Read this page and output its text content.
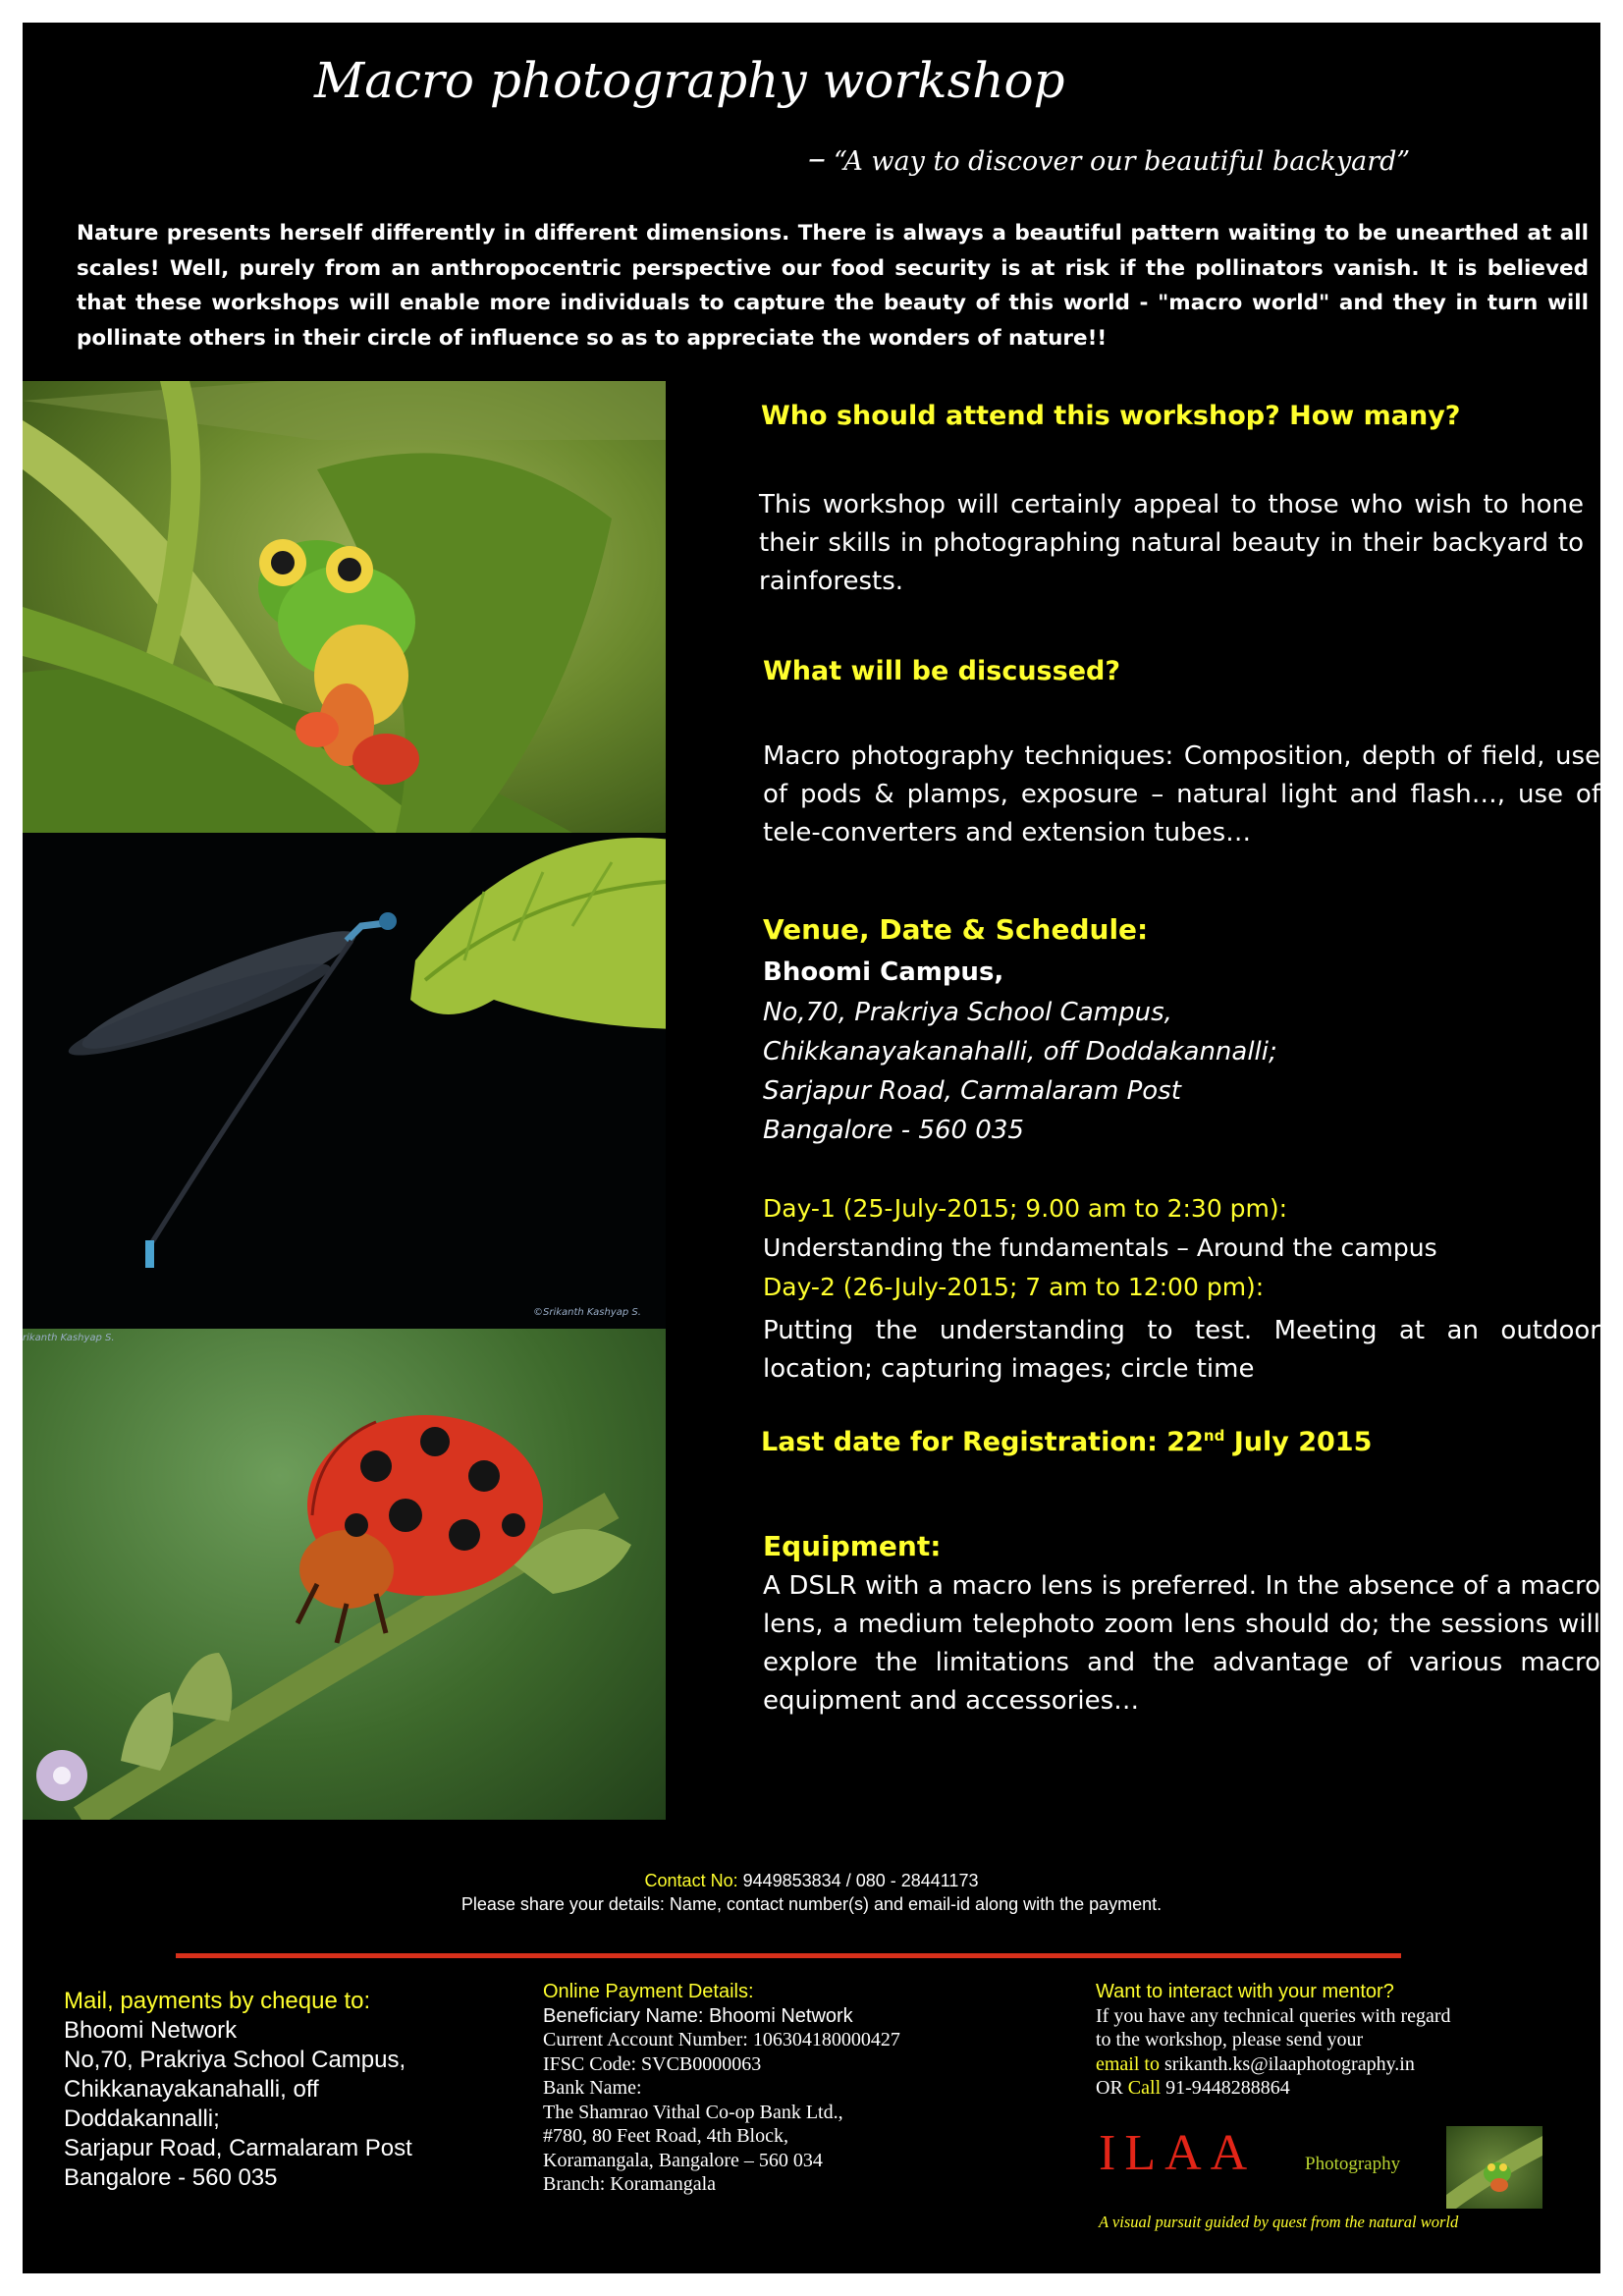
Macro photography workshop
– “A way to discover our beautiful backyard”
Nature presents herself differently in different dimensions. There is always a beautiful pattern waiting to be unearthed at all scales! Well, purely from an anthropocentric perspective our food security is at risk if the pollinators vanish. It is believed that these workshops will enable more individuals to capture the beauty of this world - "macro world" and they in turn will pollinate others in their circle of influence so as to appreciate the wonders of nature!!
©Srikanth Kashyap S.
rikanth Kashyap S.
Who should attend this workshop? How many?
This workshop will certainly appeal to those who wish to hone their skills in photographing natural beauty in their backyard to rainforests.
What will be discussed?
Macro photography techniques: Composition, depth of field, use of pods & plamps, exposure – natural light and flash…, use of tele-converters and extension tubes…
Venue, Date & Schedule:
Bhoomi Campus,
No,70, Prakriya School Campus,
Chikkanayakanahalli, off Doddakannalli;
Sarjapur Road, Carmalaram Post
Bangalore - 560 035
Day-1 (25-July-2015; 9.00 am to 2:30 pm):
Understanding the fundamentals – Around the campus
Day-2 (26-July-2015; 7 am to 12:00 pm):
Putting the understanding to test. Meeting at an outdoor location; capturing images; circle time
Last date for Registration: 22nd July 2015
Equipment:
A DSLR with a macro lens is preferred. In the absence of a macro lens, a medium telephoto zoom lens should do; the sessions will explore the limitations and the advantage of various macro equipment and accessories…
Contact No: 9449853834 / 080 - 28441173
Please share your details: Name, contact number(s) and email-id along with the payment.
Mail, payments by cheque to:
Bhoomi Network
No,70, Prakriya School Campus,
Chikkanayakanahalli, off
Doddakannalli;
Sarjapur Road, Carmalaram Post
Bangalore - 560 035
Online Payment Details:
Beneficiary Name: Bhoomi Network
Current Account Number: 106304180000427
IFSC Code: SVCB0000063
Bank Name:
The Shamrao Vithal Co-op Bank Ltd.,
#780, 80 Feet Road, 4th Block,
Koramangala, Bangalore – 560 034
Branch: Koramangala
Want to interact with your mentor?
If you have any technical queries with regard
to the workshop, please send your
email to srikanth.ks@ilaaphotography.in
OR Call 91-9448288864
ILAA	Photography
A visual pursuit guided by quest from the natural world
